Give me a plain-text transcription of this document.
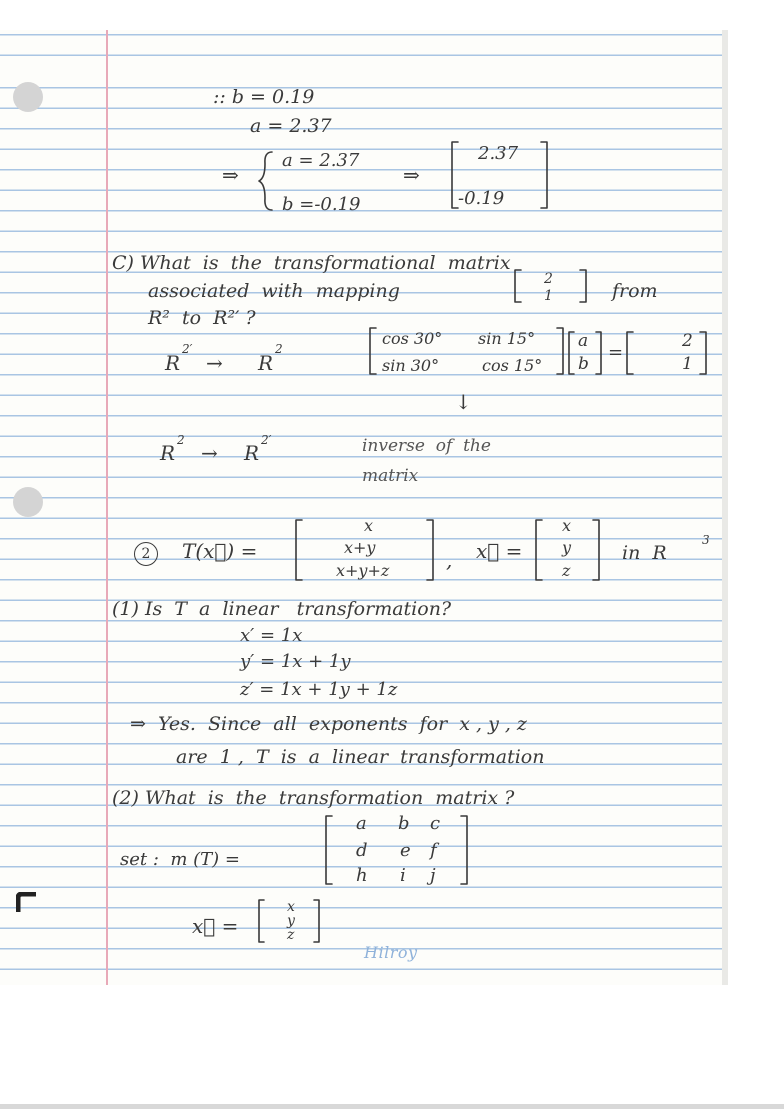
:: b = 0.19
a = 2.37
⇒
a = 2.37
b =-0.19
⇒
2.37
-0.19
C) What  is  the  transformational  matrix
associated  with  mapping
2
1	from
R²  to  R²′ ?
R
2′
→ R
2
cos 30° sin 15°
sin 30°	cos 15°
a
b
=
2
1
↓
R
2
→ R
2′	inverse  of  the
matrix
2	T(x⃗) =
x
x+y
x+y+z	, x⃗ =
x
y
z
in  R
3
(1) Is  T  a  linear   transformation?
x′ = 1x
y′ = 1x + 1y
z′ = 1x + 1y + 1z
⇒  Yes.  Since  all  exponents  for  x , y , z
are  1 ,  T  is  a  linear  transformation
(2) What  is  the  transformation  matrix ?
set :  m (T) =
a b c
d e f
h i j
x⃗ =
x
y
z
Hilroy
